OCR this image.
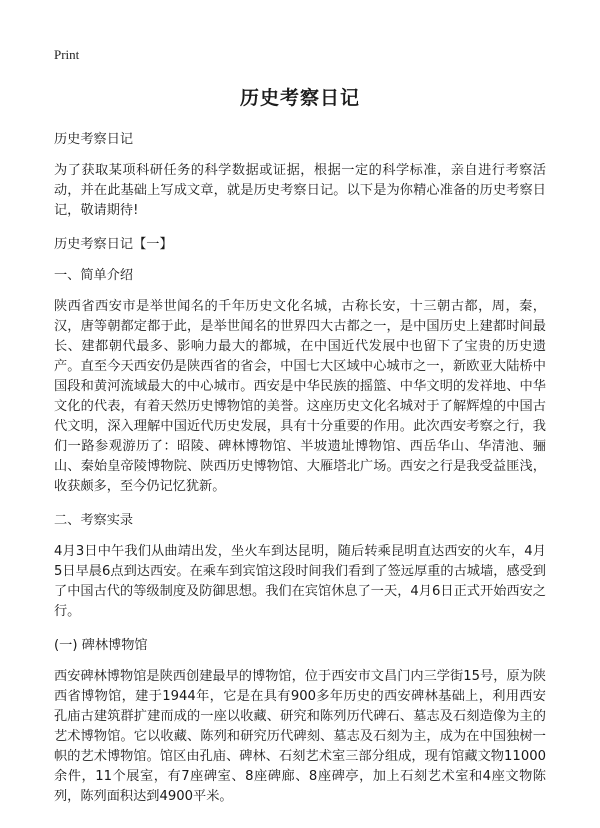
Print
历史考察日记

历史考察日记

为了获取某项科研任务的科学数据或证据，根据一定的科学标准，亲自进行考察活动，并在此基础上写成文章，就是历史考察日记。以下是为你精心准备的历史考察日记，敬请期待!

历史考察日记【一】

一、简单介绍

陕西省西安市是举世闻名的千年历史文化名城，古称长安，十三朝古都，周，秦，汉，唐等朝都定都于此，是举世闻名的世界四大古都之一，是中国历史上建都时间最长、建都朝代最多、影响力最大的都城，在中国近代发展中也留下了宝贵的历史遗产。直至今天西安仍是陕西省的省会，中国七大区域中心城市之一，新欧亚大陆桥中国段和黄河流域最大的中心城市。西安是中华民族的摇篮、中华文明的发祥地、中华文化的代表，有着天然历史博物馆的美誉。这座历史文化名城对于了解辉煌的中国古代文明，深入理解中国近代历史发展，具有十分重要的作用。此次西安考察之行，我们一路参观游历了：昭陵、碑林博物馆、半坡遗址博物馆、西岳华山、华清池、骊山、秦始皇帝陵博物院、陕西历史博物馆、大雁塔北广场。西安之行是我受益匪浅，收获颇多，至今仍记忆犹新。

二、考察实录

4月3日中午我们从曲靖出发，坐火车到达昆明，随后转乘昆明直达西安的火车，4月5日早晨6点到达西安。在乘车到宾馆这段时间我们看到了签远厚重的古城墙，感受到了中国古代的等级制度及防御思想。我们在宾馆休息了一天，4月6日正式开始西安之行。

(一) 碑林博物馆

西安碑林博物馆是陕西创建最早的博物馆，位于西安市文昌门内三学街15号，原为陕西省博物馆，建于1944年，它是在具有900多年历史的西安碑林基础上，利用西安孔庙古建筑群扩建而成的一座以收藏、研究和陈列历代碑石、墓志及石刻造像为主的艺术博物馆。它以收藏、陈列和研究历代碑刻、墓志及石刻为主，成为在中国独树一帜的艺术博物馆。馆区由孔庙、碑林、石刻艺术室三部分组成，现有馆藏文物11000余件，11个展室，有7座碑室、8座碑廊、8座碑亭，加上石刻艺术室和4座文物陈列，陈列面积达到4900平米。
